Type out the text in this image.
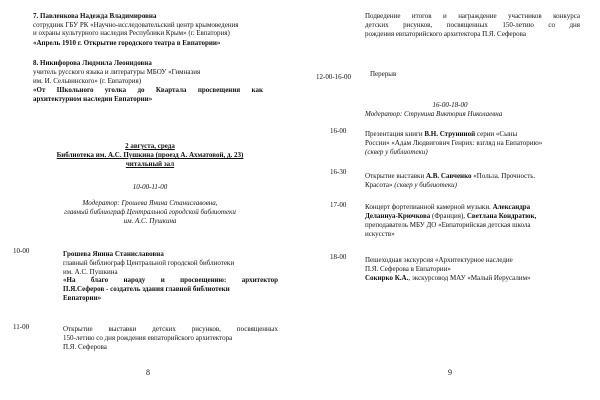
7. Павленкова Надежда Владимировна
сотрудник ГБУ РК «Научно-исследовательский центр крымоведения
и охраны культурного наследия Республики Крым» (г. Евпатория)
«Апрель 1910 г. Открытие городского театра в Евпатории»
8. Никифорова Людмила Леонидовна
учитель русского языка и литературы МБОУ «Гимназия
им. И. Сельвинского» (г. Евпатория)
«От Школьного уголка до Квартала просвещения как
архитектурном наследии Евпатории»
2 августа, среда
Библиотека им. А.С. Пушкина (проезд А. Ахматовой, д. 23)
читальный зал
10-00-11-00
Модератор: Грошева Янина Станиславовна,
главный библиограф Центральной городской библиотеки
им. А.С. Пушкина
10-00	Грошева Янина Станиславовна
главный библиограф Центральной городской библиотеки
им. А.С. Пушкина
«На благо народу и просвещению: архитектор
П.Я.Сеферов - создатель здания главной библиотеки
Евпатории»
11-00	Открытие выставки детских рисунков, посвященных
150-летию со дня рождения евпаторийского архитектора
П.Я. Сеферова
8
Подведение итогов и награждение участников конкурса
детских рисунков, посвященных 150-летию со дня
рождения евпаторийского архитектора П.Я. Сеферова
12-00-16-00	Перерыв
16-00-18-00
Модератор: Струнина Виктория Николаевна
16-00	Презентация книги В.Н. Струниной серии «Сыны
России» «Адам Людвигович Генрих: взгляд на Евпаторию»
(сквер у библиотеки)
16-30	Открытие выставки А.В. Савченко «Польза. Прочность.
Красота» (сквер у библиотеки)
17-00	Концерт фортепианной камерной музыки. Александра
Деланнуа-Крючкова (Франция), Светлана Кондратюк,
преподаватель МБУ ДО «Евпаторийская детская школа
искусств»
18-00	Пешеходная экскурсия «Архитектурное наследие
П.Я. Сеферова в Евпатории»
Сокирко К.А., экскурсовод МАУ «Малый Иерусалим»
9
